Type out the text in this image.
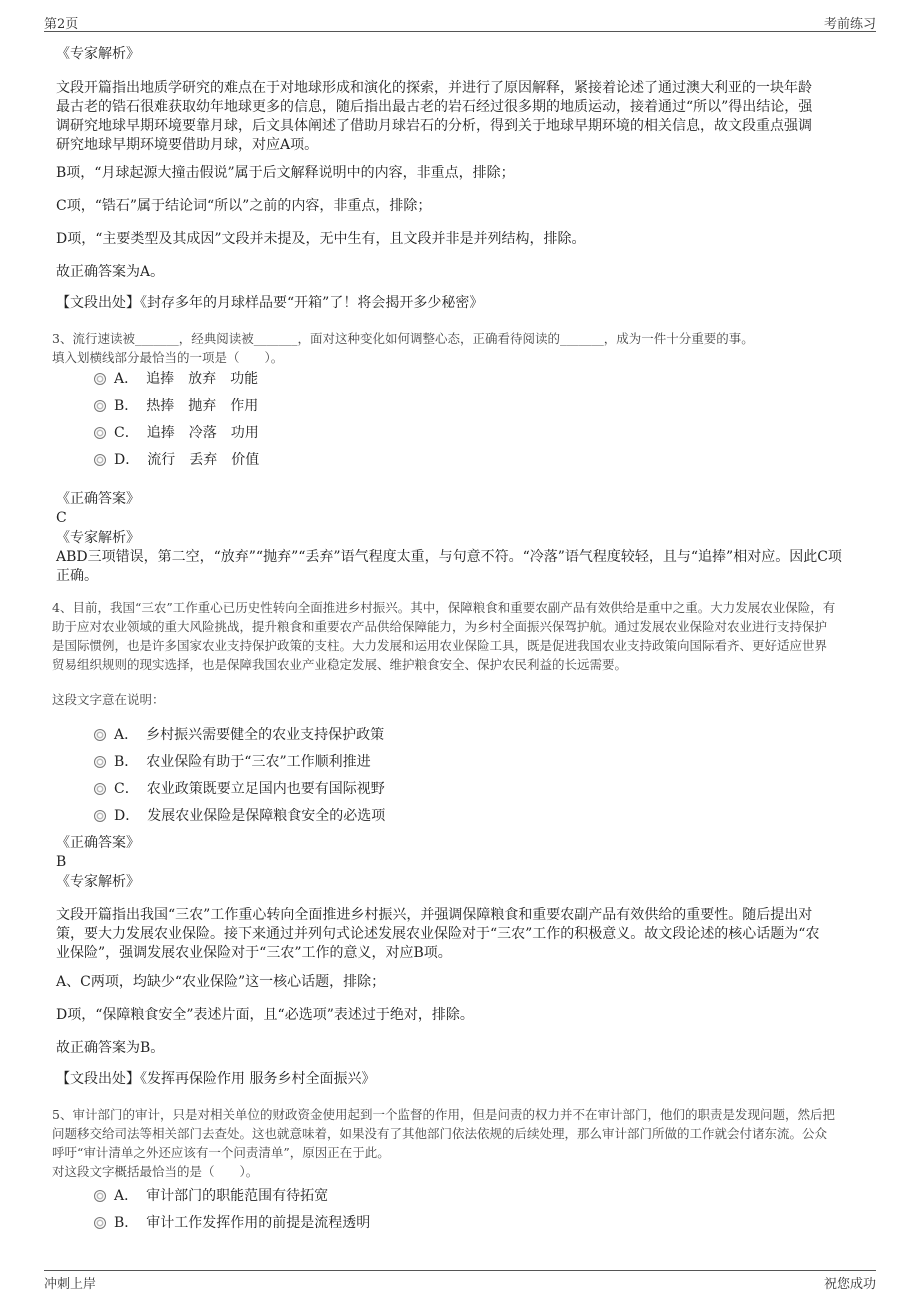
第2页	考前练习
《专家解析》
文段开篇指出地质学研究的难点在于对地球形成和演化的探索，并进行了原因解释，紧接着论述了通过澳大利亚的一块年龄
最古老的锆石很难获取幼年地球更多的信息，随后指出最古老的岩石经过很多期的地质运动，接着通过“所以”得出结论，强
调研究地球早期环境要靠月球，后文具体阐述了借助月球岩石的分析，得到关于地球早期环境的相关信息，故文段重点强调
研究地球早期环境要借助月球，对应A项。
B项，“月球起源大撞击假说”属于后文解释说明中的内容，非重点，排除；
C项，“锆石”属于结论词“所以”之前的内容，非重点，排除；
D项，“主要类型及其成因”文段并未提及，无中生有，且文段并非是并列结构，排除。
故正确答案为A。
【文段出处】《封存多年的月球样品要“开箱”了！将会揭开多少秘密》
3、流行速读被_______，经典阅读被_______，面对这种变化如何调整心态，正确看待阅读的_______，成为一件十分重要的事。
填入划横线部分最恰当的一项是（　　）。
A． 追捧 放弃 功能
B． 热捧 抛弃 作用
C． 追捧 冷落 功用
D． 流行 丢弃 价值
《正确答案》
C
《专家解析》
ABD三项错误，第二空，“放弃”“抛弃”“丢弃”语气程度太重，与句意不符。“冷落”语气程度较轻，且与“追捧”相对应。因此C项
正确。
4、目前，我国“三农”工作重心已历史性转向全面推进乡村振兴。其中，保障粮食和重要农副产品有效供给是重中之重。大力发展农业保险，有
助于应对农业领域的重大风险挑战，提升粮食和重要农产品供给保障能力，为乡村全面振兴保驾护航。通过发展农业保险对农业进行支持保护
是国际惯例，也是许多国家农业支持保护政策的支柱。大力发展和运用农业保险工具，既是促进我国农业支持政策向国际看齐、更好适应世界
贸易组织规则的现实选择，也是保障我国农业产业稳定发展、维护粮食安全、保护农民利益的长远需要。
这段文字意在说明：
A． 乡村振兴需要健全的农业支持保护政策
B． 农业保险有助于“三农”工作顺利推进
C． 农业政策既要立足国内也要有国际视野
D． 发展农业保险是保障粮食安全的必选项
《正确答案》
B
《专家解析》
文段开篇指出我国“三农”工作重心转向全面推进乡村振兴，并强调保障粮食和重要农副产品有效供给的重要性。随后提出对
策，要大力发展农业保险。接下来通过并列句式论述发展农业保险对于“三农”工作的积极意义。故文段论述的核心话题为“农
业保险”，强调发展农业保险对于“三农”工作的意义，对应B项。
A、C两项，均缺少“农业保险”这一核心话题，排除；
D项，“保障粮食安全”表述片面，且“必选项”表述过于绝对，排除。
故正确答案为B。
【文段出处】《发挥再保险作用 服务乡村全面振兴》
5、审计部门的审计，只是对相关单位的财政资金使用起到一个监督的作用，但是问责的权力并不在审计部门，他们的职责是发现问题，然后把
问题移交给司法等相关部门去查处。这也就意味着，如果没有了其他部门依法依规的后续处理，那么审计部门所做的工作就会付诸东流。公众
呼吁“审计清单之外还应该有一个问责清单”，原因正在于此。
对这段文字概括最恰当的是（　　）。
A． 审计部门的职能范围有待拓宽
B． 审计工作发挥作用的前提是流程透明
冲刺上岸	祝您成功
